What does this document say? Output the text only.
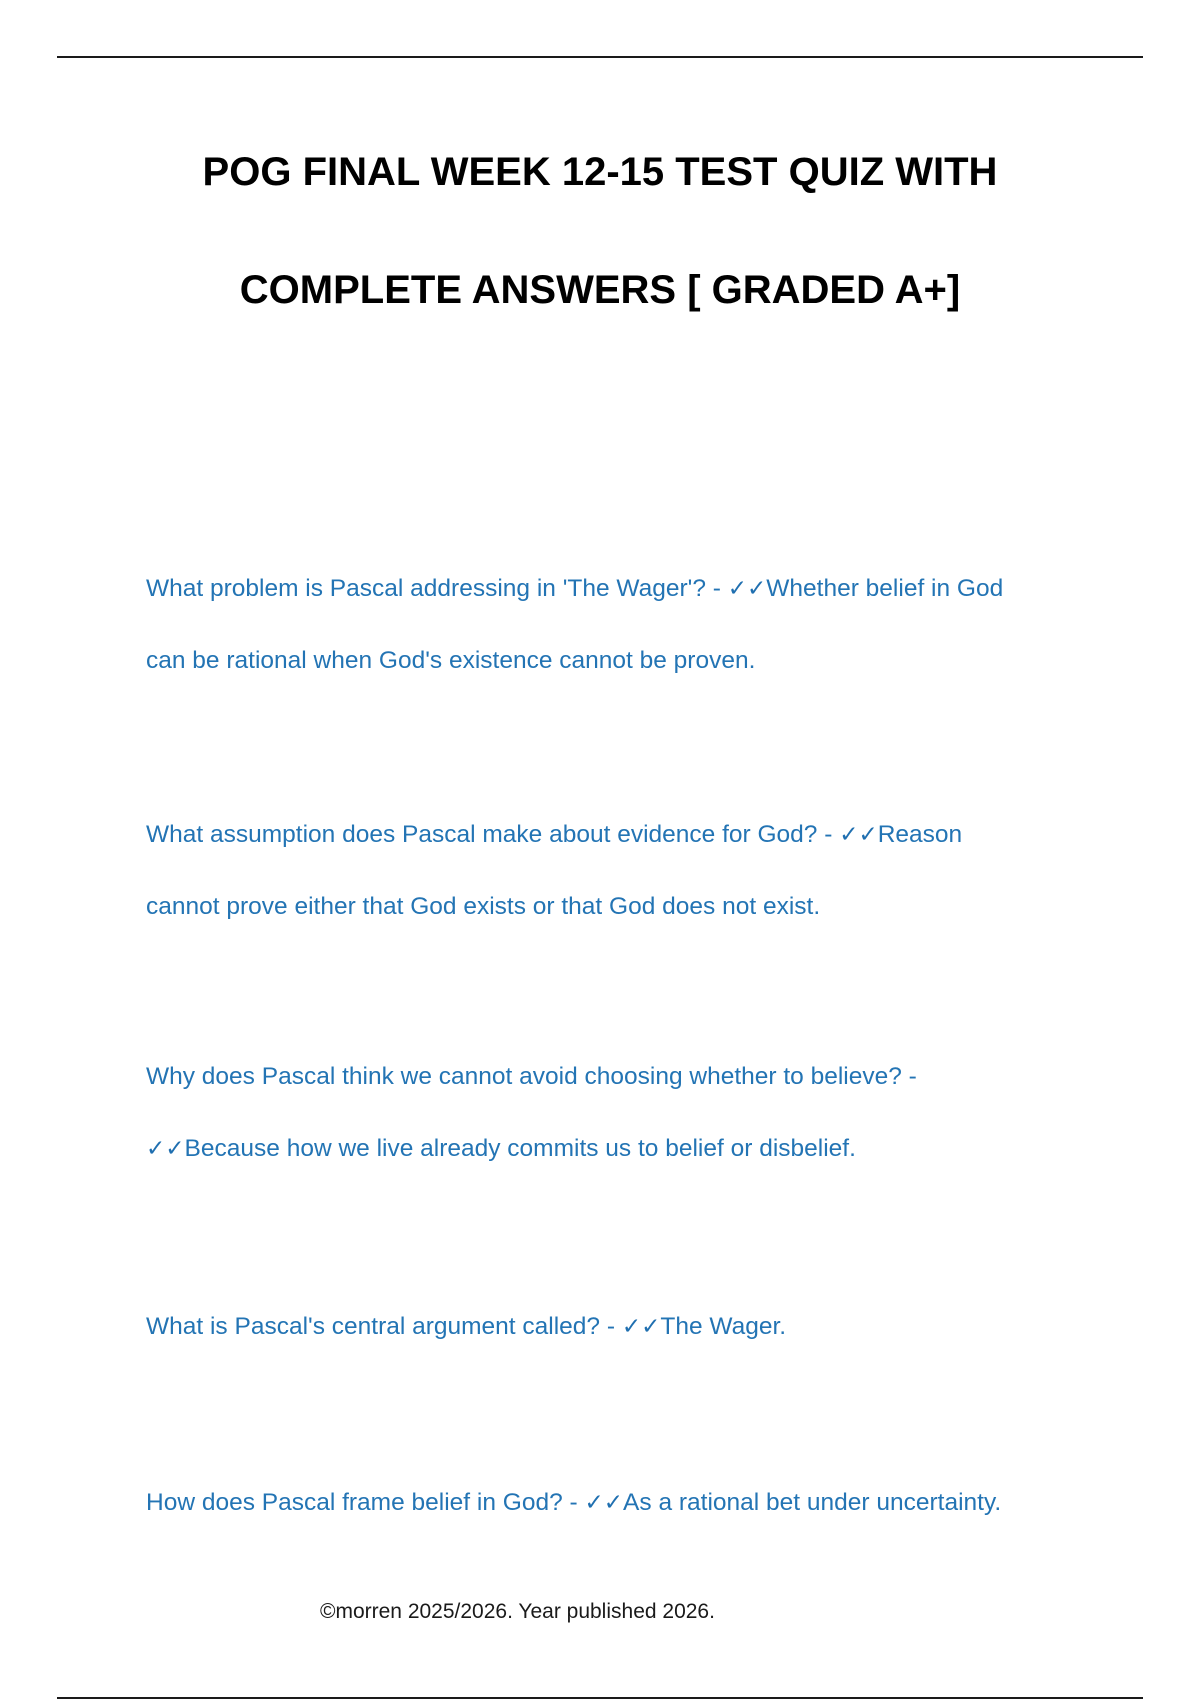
POG FINAL WEEK 12-15 TEST QUIZ WITH
COMPLETE ANSWERS [ GRADED A+]
What problem is Pascal addressing in 'The Wager'? - ✓✓Whether belief in God
can be rational when God's existence cannot be proven.
What assumption does Pascal make about evidence for God? - ✓✓Reason
cannot prove either that God exists or that God does not exist.
Why does Pascal think we cannot avoid choosing whether to believe? -
✓✓Because how we live already commits us to belief or disbelief.
What is Pascal's central argument called? - ✓✓The Wager.
How does Pascal frame belief in God? - ✓✓As a rational bet under uncertainty.
©morren 2025/2026. Year published 2026.
